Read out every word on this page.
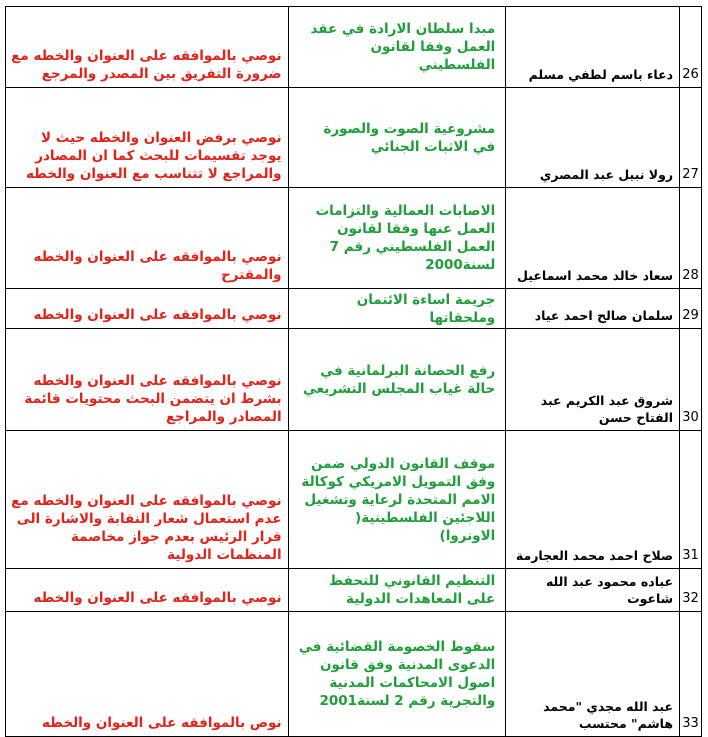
نوصي بالموافقه على العنوان والخطه مع ضرورة التفريق بين المصدر والمرجع
مبدا سلطان الارادة في عقد العمل وفقا لقانون الفلسطيني
دعاء باسم لطفي مسلم 26
نوصي برفض العنوان والخطه حيث لا يوجد تقسيمات للبحث كما ان المصادر والمراجع لا تتناسب مع العنوان والخطه
مشروعية الصوت والصورة في الاثبات الجنائي
رولا نبيل عبد المصري 27
نوصي بالموافقه على العنوان والخطه والمقترح
الاصابات العمالية والتزامات العمل عنها وفقا لقانون العمل الفلسطيني رقم 7 لسنة2000
سعاد خالد محمد اسماعيل 28
نوصي بالموافقه على العنوان والخطه
جريمة اساءة الائتمان وملحقاتها	سلمان صالح احمد عياد 29
نوصي بالموافقه على العنوان والخطه بشرط ان يتضمن البحث محتويات قائمة المصادر والمراجع
رفع الحصانة البرلمانية في حالة غياب المجلس التشريعي
شروق عبد الكريم عبد الفتاح حسن 30
نوصي بالموافقه على العنوان والخطه مع عدم استعمال شعار النقابة والاشارة الى قرار الرئيس بعدم جواز مخاصمة المنظمات الدولية
موقف القانون الدولي ضمن وفق التمويل الامريكي كوكالة الامم المتحدة لرعاية وتشغيل اللاجئين الفلسطينية( الاونروا)
صلاح احمد محمد العجارمة 31
نوصي بالموافقه على العنوان والخطه
التنظيم القانوني للتحفظ على المعاهدات الدولية
عباده محمود عبد الله شاعوت 32
نوص بالموافقه على العنوان والخطه
سقوط الخصومة القضائية في الدعوى المدنية وفق قانون اصول الامحاكمات المدنية والتجرية رقم 2 لسنة2001	عبد الله مجدي "محمد هاشم" محتسب 33
